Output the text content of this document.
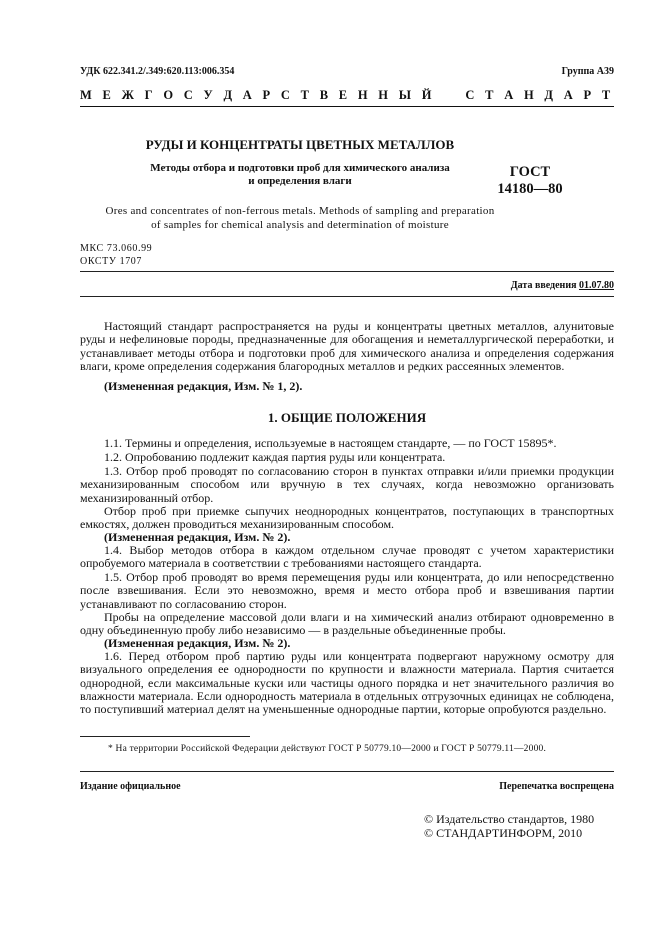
УДК 622.341.2/.349:620.113:006.354	Группа А39
М Е Ж Г О С У Д А Р С Т В Е Н Н Ы Й С Т А Н Д А Р Т
РУДЫ И КОНЦЕНТРАТЫ ЦВЕТНЫХ МЕТАЛЛОВ
Методы отбора и подготовки проб для химического анализа
и определения влаги
ГОСТ
14180—80
Ores and concentrates of non-ferrous metals. Methods of sampling and preparation
of samples for chemical analysis and determination of moisture
МКС 73.060.99
ОКСТУ 1707
Дата введения 01.07.80
Настоящий стандарт распространяется на руды и концентраты цветных металлов, алунитовые руды и нефелиновые породы, предназначенные для обогащения и неметаллургической переработки, и устанавливает методы отбора и подготовки проб для химического анализа и определения содержания влаги, кроме определения содержания благородных металлов и редких рассеянных элементов.
(Измененная редакция, Изм. № 1, 2).
1. ОБЩИЕ ПОЛОЖЕНИЯ
1.1. Термины и определения, используемые в настоящем стандарте, — по ГОСТ 15895*.
1.2. Опробованию подлежит каждая партия руды или концентрата.
1.3. Отбор проб проводят по согласованию сторон в пунктах отправки и/или приемки продукции механизированным способом или вручную в тех случаях, когда невозможно организовать механизированный отбор.
Отбор проб при приемке сыпучих неоднородных концентратов, поступающих в транспортных емкостях, должен проводиться механизированным способом.
(Измененная редакция, Изм. № 2).
1.4. Выбор методов отбора в каждом отдельном случае проводят с учетом характеристики опробуемого материала в соответствии с требованиями настоящего стандарта.
1.5. Отбор проб проводят во время перемещения руды или концентрата, до или непосредственно после взвешивания. Если это невозможно, время и место отбора проб и взвешивания партии устанавливают по согласованию сторон.
Пробы на определение массовой доли влаги и на химический анализ отбирают одновременно в одну объединенную пробу либо независимо — в раздельные объединенные пробы.
(Измененная редакция, Изм. № 2).
1.6. Перед отбором проб партию руды или концентрата подвергают наружному осмотру для визуального определения ее однородности по крупности и влажности материала. Партия считается однородной, если максимальные куски или частицы одного порядка и нет значительного различия во влажности материала. Если однородность материала в отдельных отгрузочных единицах не соблюдена, то поступивший материал делят на уменьшенные однородные партии, которые опробуются раздельно.
* На территории Российской Федерации действуют ГОСТ Р 50779.10—2000 и ГОСТ Р 50779.11—2000.
Издание официальное	Перепечатка воспрещена
© Издательство стандартов, 1980
© СТАНДАРТИНФОРМ, 2010
